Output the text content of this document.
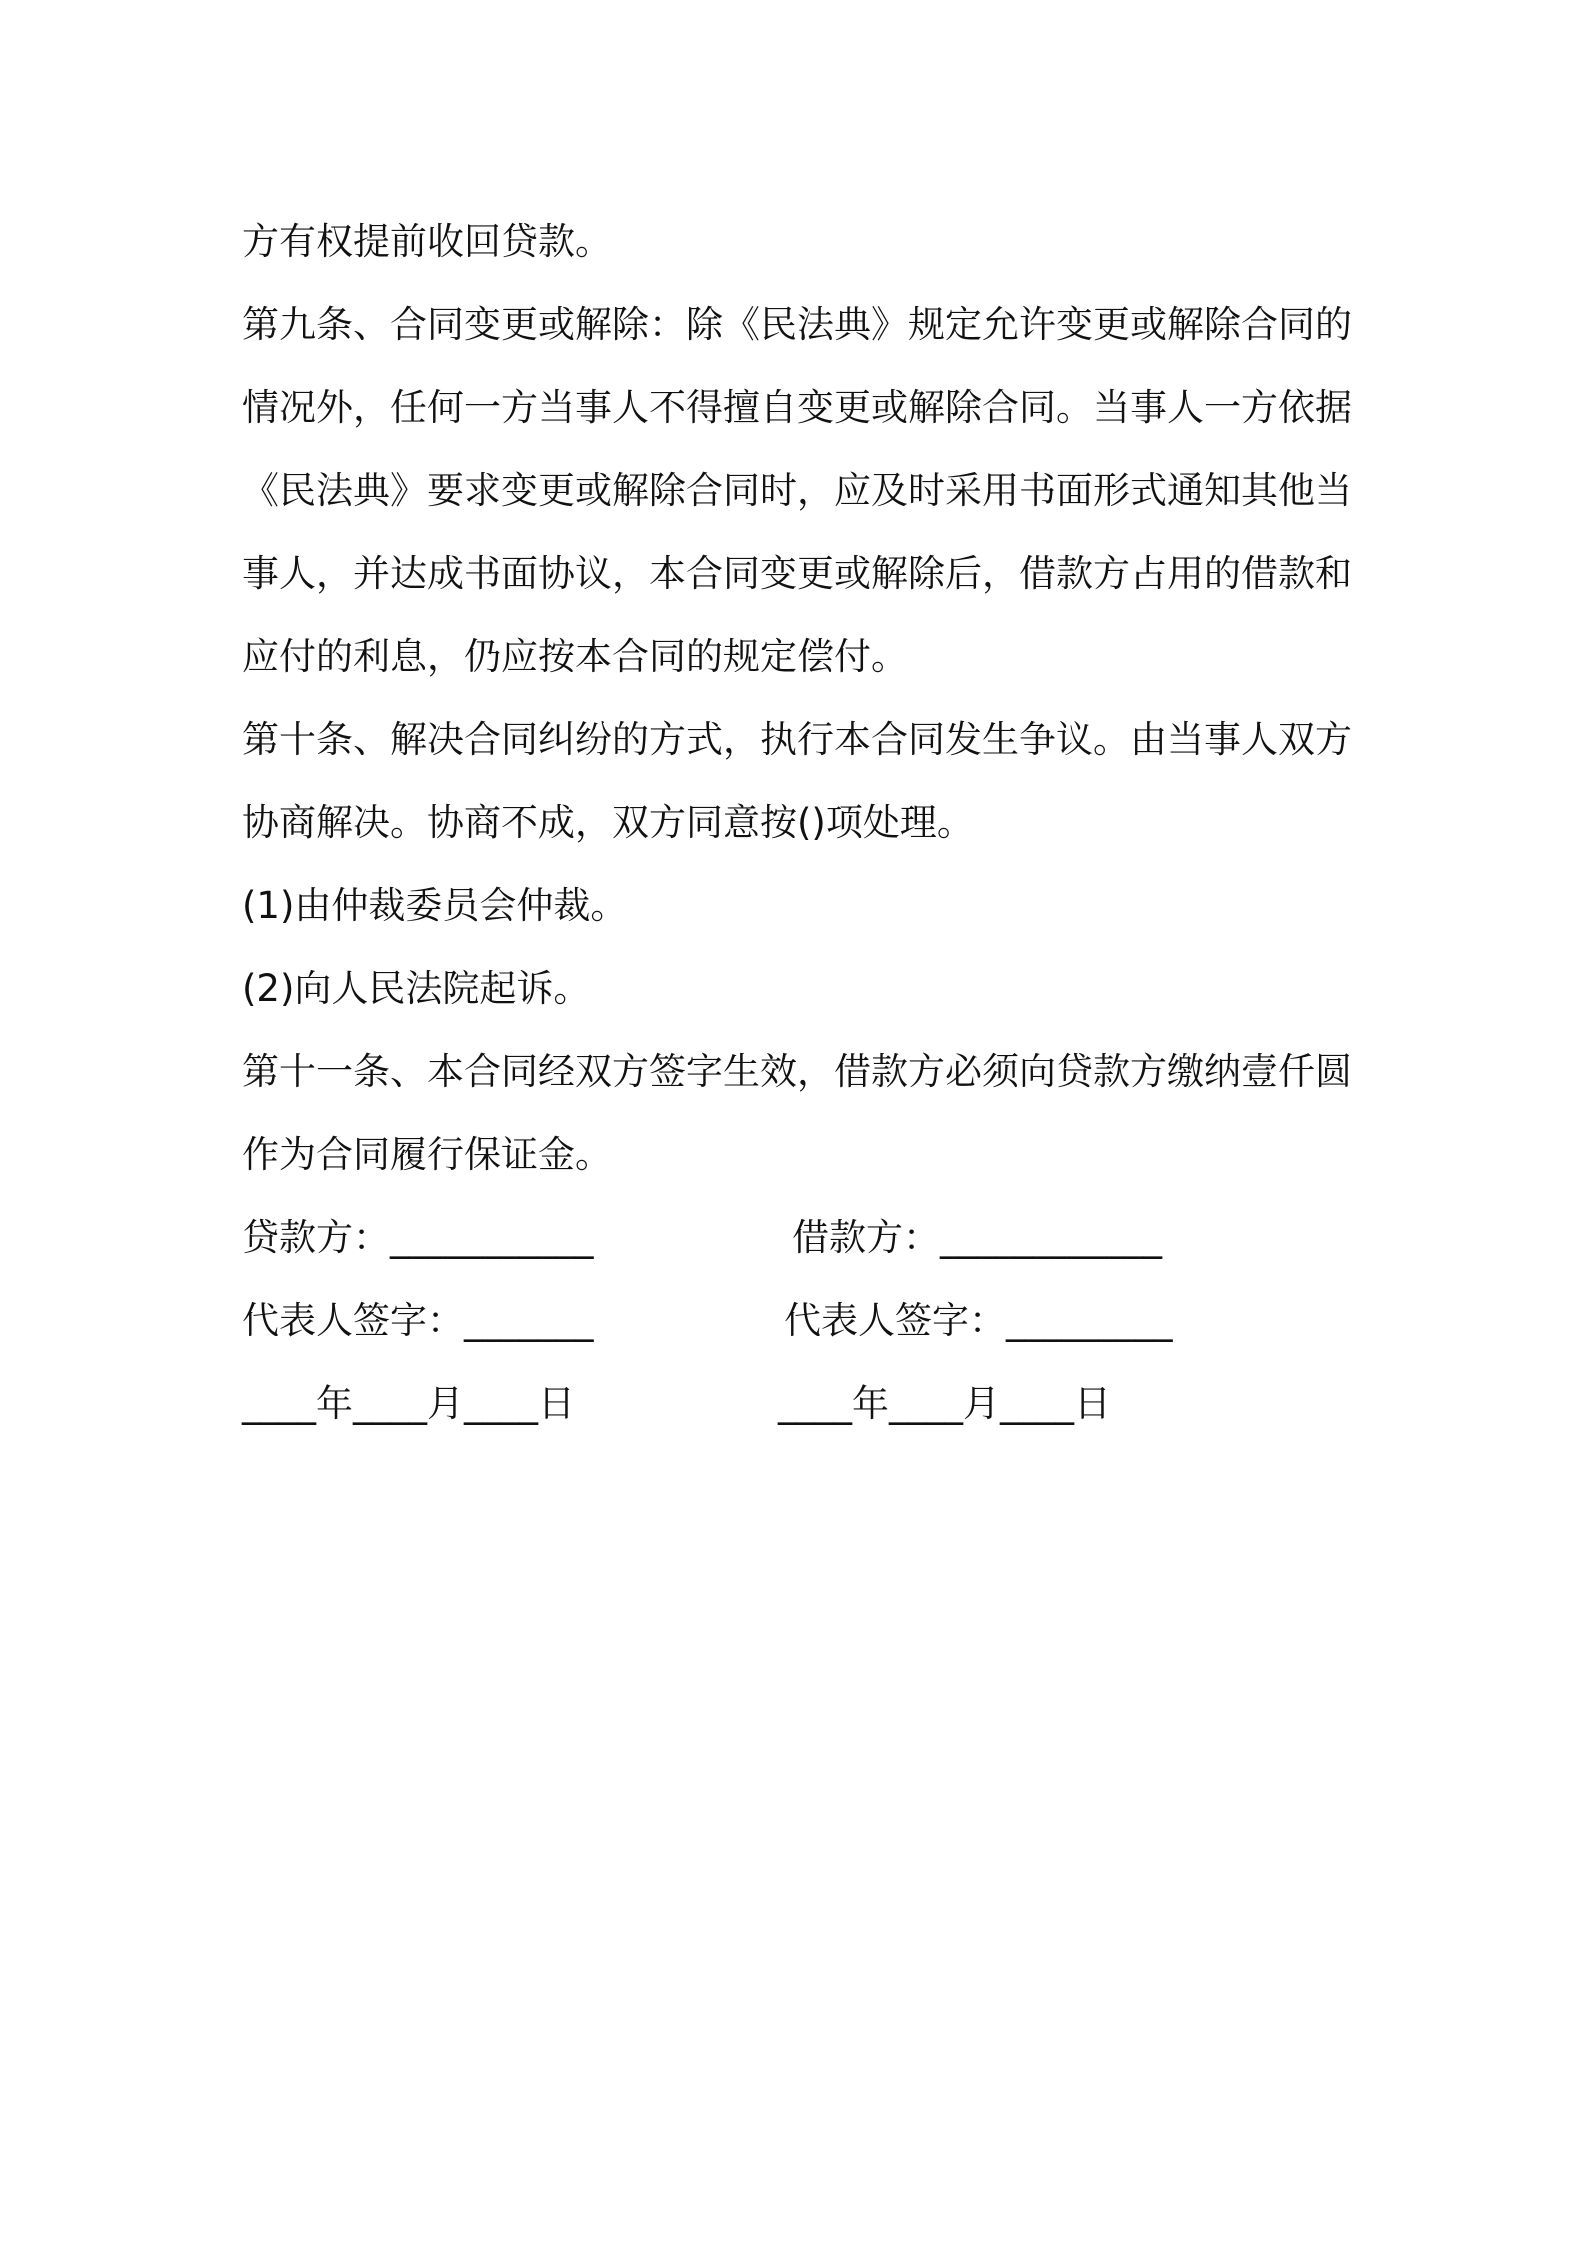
方有权提前收回贷款。
第九条、合同变更或解除：除《民法典》规定允许变更或解除合同的
情况外，任何一方当事人不得擅自变更或解除合同。当事人一方依据
《民法典》要求变更或解除合同时，应及时采用书面形式通知其他当
事人，并达成书面协议，本合同变更或解除后，借款方占用的借款和
应付的利息，仍应按本合同的规定偿付。
第十条、解决合同纠纷的方式，执行本合同发生争议。由当事人双方
协商解决。协商不成，双方同意按()项处理。
(1)由仲裁委员会仲裁。
(2)向人民法院起诉。
第十一条、本合同经双方签字生效，借款方必须向贷款方缴纳壹仟圆
作为合同履行保证金。
贷款方：___________	借款方：____________
代表人签字：_______	代表人签字：_________
____年____月____日	____年____月____日
